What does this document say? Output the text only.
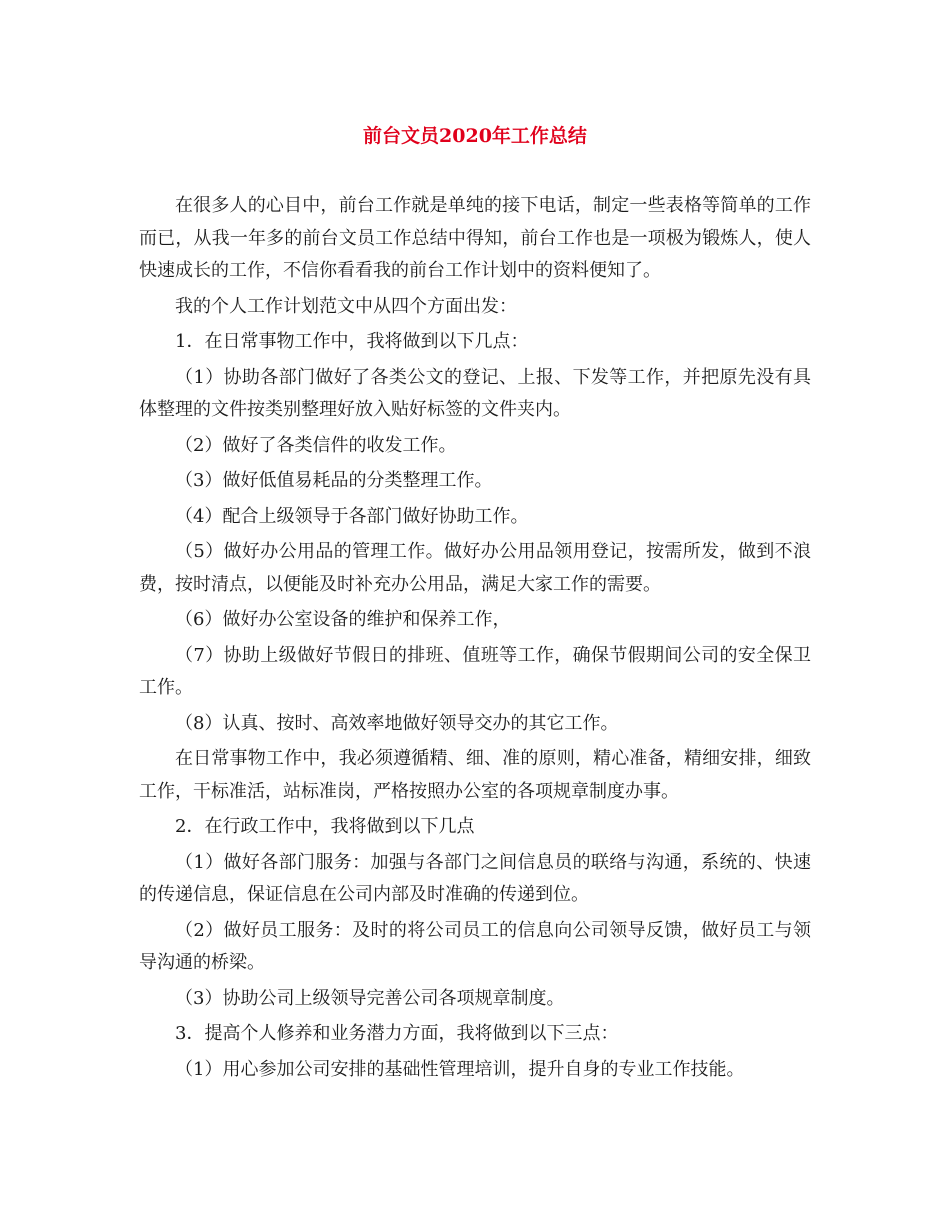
前台文员2020年工作总结

在很多人的心目中，前台工作就是单纯的接下电话，制定一些表格等简单的工作而已，从我一年多的前台文员工作总结中得知，前台工作也是一项极为锻炼人，使人快速成长的工作，不信你看看我的前台工作计划中的资料便知了。

我的个人工作计划范文中从四个方面出发：

1．在日常事物工作中，我将做到以下几点：

（1）协助各部门做好了各类公文的登记、上报、下发等工作，并把原先没有具体整理的文件按类别整理好放入贴好标签的文件夹内。

（2）做好了各类信件的收发工作。

（3）做好低值易耗品的分类整理工作。

（4）配合上级领导于各部门做好协助工作。

（5）做好办公用品的管理工作。做好办公用品领用登记，按需所发，做到不浪费，按时清点，以便能及时补充办公用品，满足大家工作的需要。

（6）做好办公室设备的维护和保养工作，

（7）协助上级做好节假日的排班、值班等工作，确保节假期间公司的安全保卫工作。

（8）认真、按时、高效率地做好领导交办的其它工作。

在日常事物工作中，我必须遵循精、细、准的原则，精心准备，精细安排，细致工作，干标准活，站标准岗，严格按照办公室的各项规章制度办事。

2．在行政工作中，我将做到以下几点

（1）做好各部门服务：加强与各部门之间信息员的联络与沟通，系统的、快速的传递信息，保证信息在公司内部及时准确的传递到位。

（2）做好员工服务：及时的将公司员工的信息向公司领导反馈，做好员工与领导沟通的桥梁。

（3）协助公司上级领导完善公司各项规章制度。

3．提高个人修养和业务潜力方面，我将做到以下三点：

（1）用心参加公司安排的基础性管理培训，提升自身的专业工作技能。
